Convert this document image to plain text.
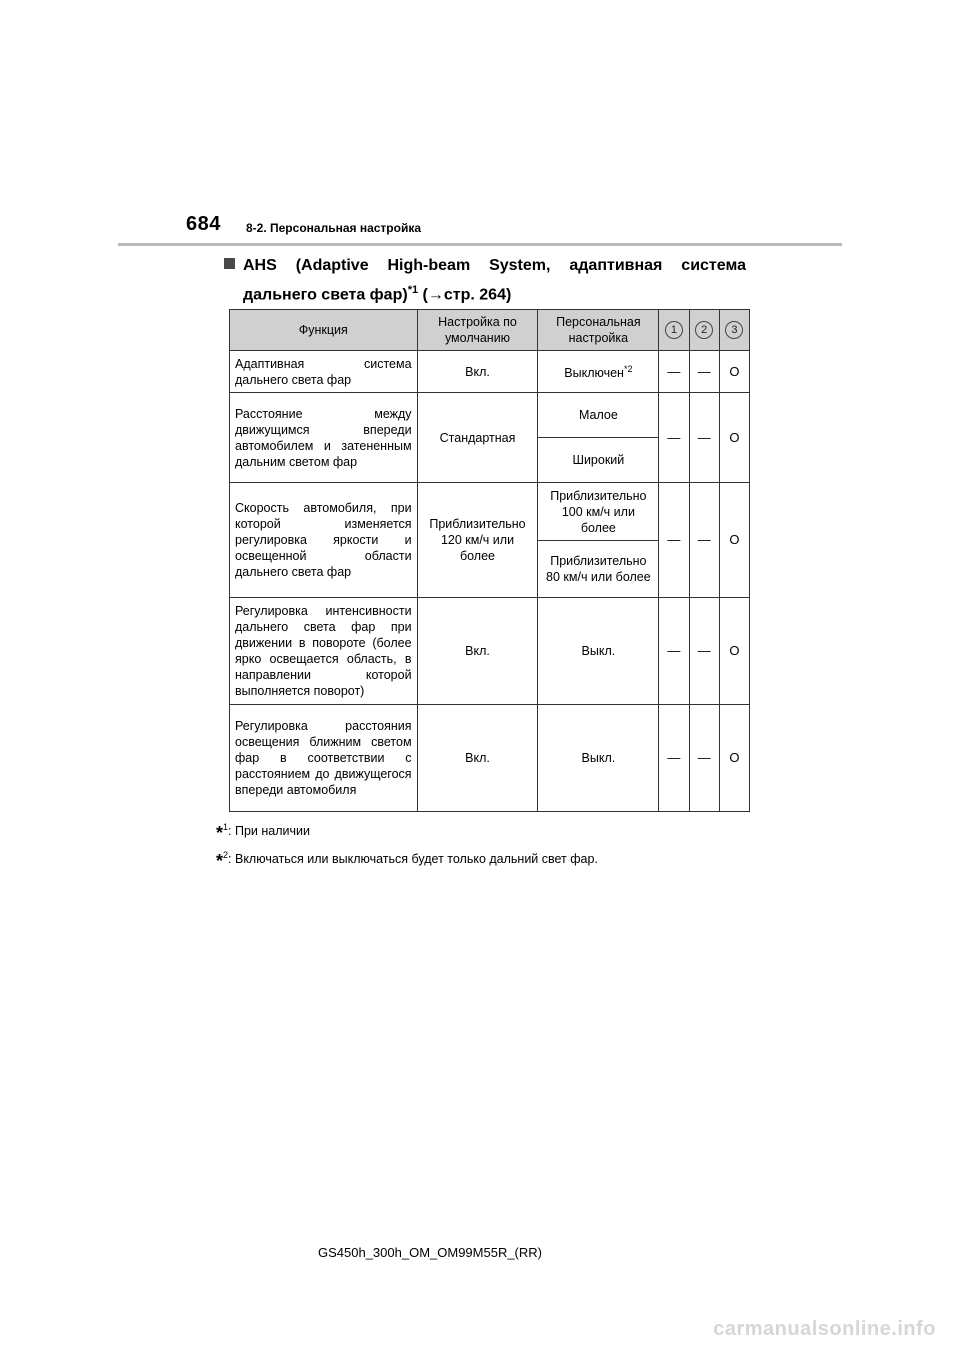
684 8-2. Персональная настройка
AHS (Adaptive High-beam System, адаптивная система
дальнего света фар)$^{*1}$ (→стр. 264)
Функция	Настройка по умолчанию	Персональная настройка	1	2	3
Адаптивная система дальнего света фар	Вкл.	Выключен$^{*2}$	—	—	O
Расстояние между движущимся впереди автомобилем и затененным дальним светом фар	Стандартная	Малое	—	—	O
		Широкий			
Скорость автомобиля, при которой изменяется регулировка яркости и освещенной области дальнего света фар	Приблизительно 120 км/ч или более	Приблизительно 100 км/ч или более	—	—	O
		Приблизительно 80 км/ч или более			
Регулировка интенсивности дальнего света фар при движении в повороте (более ярко освещается область, в направлении которой выполняется поворот)	Вкл.	Выкл.	—	—	O
Регулировка расстояния освещения ближним светом фар в соответствии с расстоянием до движущегося впереди автомобиля	Вкл.	Выкл.	—	—	O
*$^1$: При наличии
*$^2$: Включаться или выключаться будет только дальний свет фар.
GS450h_300h_OM_OM99M55R_(RR)
carmanualsonline.info
